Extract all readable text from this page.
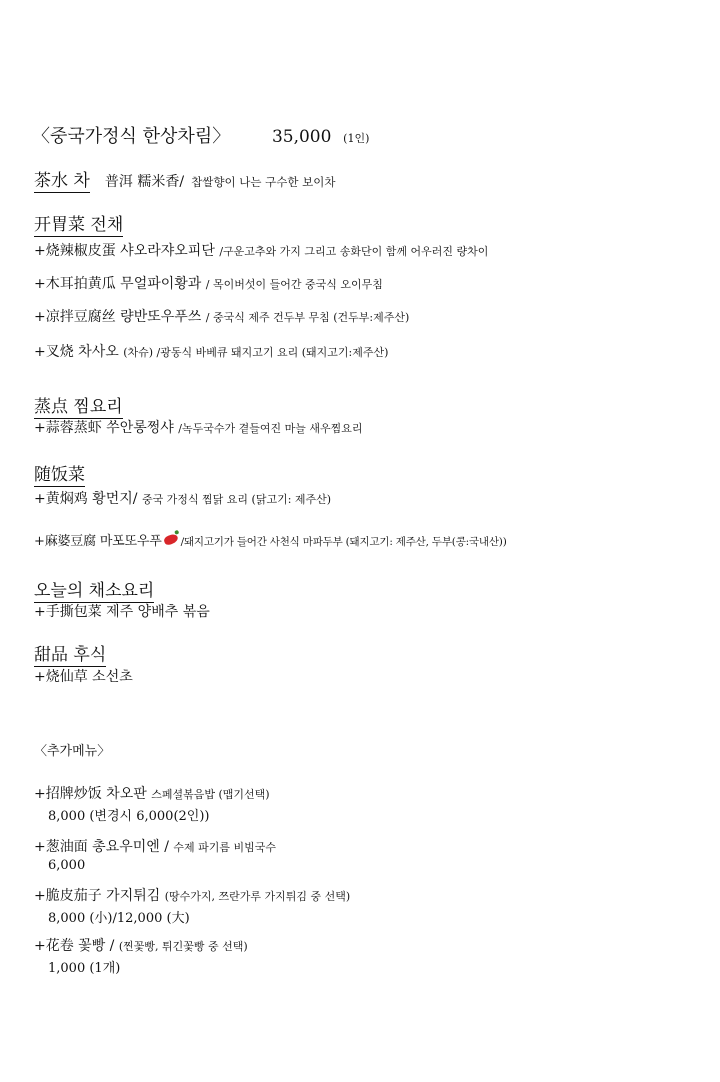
〈중국가정식 한상차림〉 35,000 (1인)
茶水 차 普洱 糯米香/ 찹쌀향이 나는 구수한 보이차
开胃菜 전채
+烧辣椒皮蛋 샤오라쟈오피단 /구운고추와 가지 그리고 송화단이 함께 어우러진 량차이
+木耳拍黄瓜 무얼파이황과 / 목이버섯이 들어간 중국식 오이무침
+凉拌豆腐丝 량반또우푸쓰 / 중국식 제주 건두부 무침 (건두부:제주산)
+叉烧 차사오 (차슈) /광동식 바베큐 돼지고기 요리 (돼지고기:제주산)
蒸点 찜요리
+蒜蓉蒸虾 쑤안롱쩡샤 /녹두국수가 곁들여진 마늘 새우찜요리
随饭菜
+黄焖鸡 황먼지/ 중국 가정식 찜닭 요리 (닭고기: 제주산)
+麻婆豆腐 마포또우푸 /돼지고기가 들어간 사천식 마파두부 (돼지고기: 제주산, 두부(콩:국내산))
오늘의 채소요리
+手撕包菜 제주 양배추 볶음
甜品 후식
+烧仙草 소선초
〈추가메뉴〉
+招牌炒饭 차오판 스페셜볶음밥 (맵기선택)
8,000 (변경시 6,000(2인))
+葱油面 총요우미엔 / 수제 파기름 비빔국수
6,000
+脆皮茄子 가지튀김 (땅수가지, 쯔란가루 가지튀김 중 선택)
8,000 (小)/12,000 (大)
+花卷 꽃빵 / (찐꽃빵, 튀긴꽃빵 중 선택)
1,000 (1개)
